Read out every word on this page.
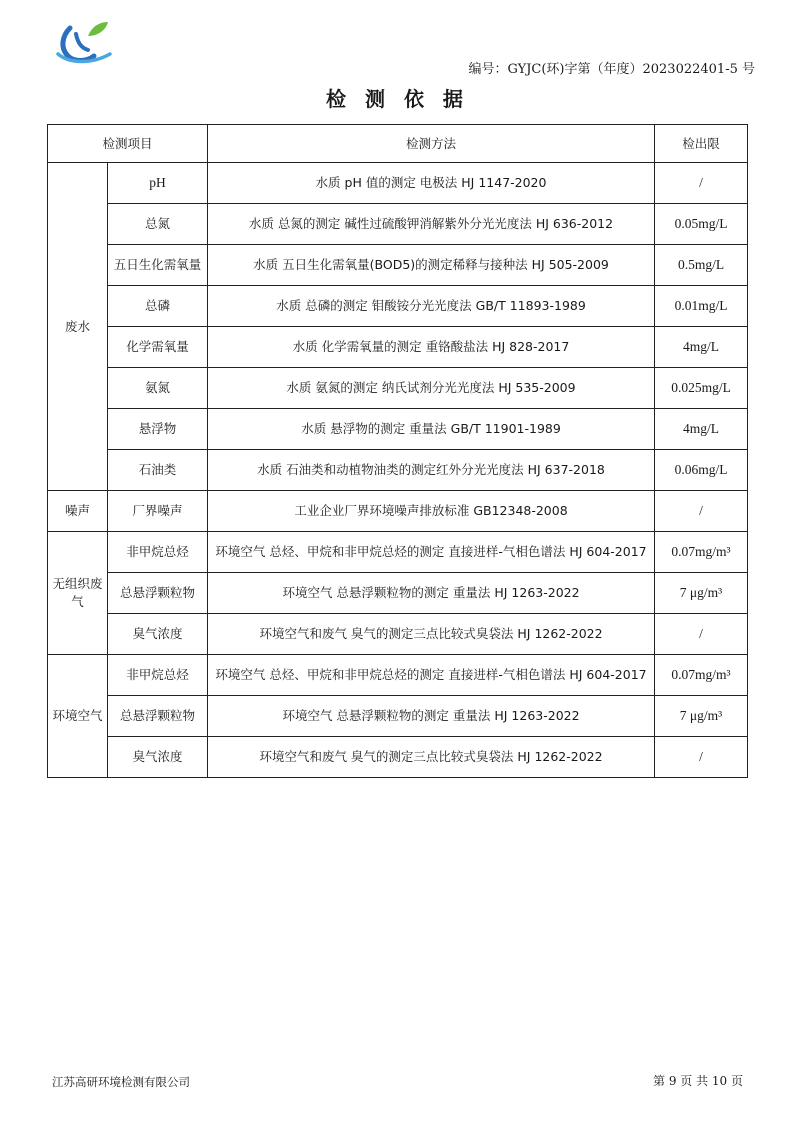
编号：GYJC(环)字第（年度）2023022401-5 号
检 测 依 据
检测项目		检测方法	检出限
废水	pH	水质 pH 值的测定 电极法 HJ 1147-2020	/
	总氮	水质 总氮的测定 碱性过硫酸钾消解紫外分光光度法 HJ 636-2012	0.05mg/L
	五日生化需氧量	水质 五日生化需氧量(BOD5)的测定稀释与接种法 HJ 505-2009	0.5mg/L
	总磷	水质 总磷的测定 钼酸铵分光光度法 GB/T 11893-1989	0.01mg/L
	化学需氧量	水质 化学需氧量的测定 重铬酸盐法 HJ 828-2017	4mg/L
	氨氮	水质 氨氮的测定 纳氏试剂分光光度法 HJ 535-2009	0.025mg/L
	悬浮物	水质 悬浮物的测定 重量法 GB/T 11901-1989	4mg/L
	石油类	水质 石油类和动植物油类的测定红外分光光度法 HJ 637-2018	0.06mg/L
噪声	厂界噪声	工业企业厂界环境噪声排放标准 GB12348-2008	/
无组织废气	非甲烷总烃	环境空气 总烃、甲烷和非甲烷总烃的测定 直接进样-气相色谱法 HJ 604-2017	0.07mg/m³
	总悬浮颗粒物	环境空气 总悬浮颗粒物的测定 重量法 HJ 1263-2022	7 μg/m³
	臭气浓度	环境空气和废气 臭气的测定三点比较式臭袋法 HJ 1262-2022	/
环境空气	非甲烷总烃	环境空气 总烃、甲烷和非甲烷总烃的测定 直接进样-气相色谱法 HJ 604-2017	0.07mg/m³
	总悬浮颗粒物	环境空气 总悬浮颗粒物的测定 重量法 HJ 1263-2022	7 μg/m³
	臭气浓度	环境空气和废气 臭气的测定三点比较式臭袋法 HJ 1262-2022	/
江苏高研环境检测有限公司	第 9 页 共 10 页
